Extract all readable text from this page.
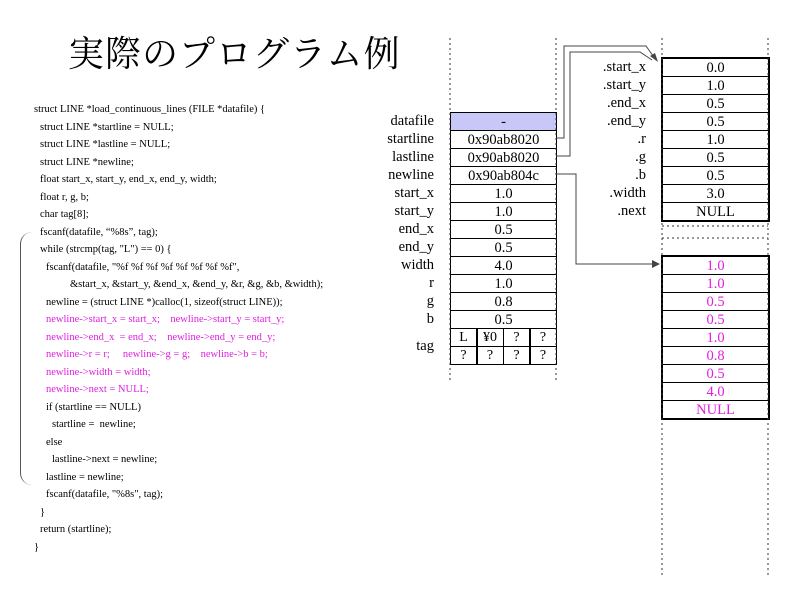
実際のプログラム例
struct LINE *load_continuous_lines (FILE *datafile) {
struct LINE *startline = NULL;
struct LINE *lastline = NULL;
struct LINE *newline;
float start_x, start_y, end_x, end_y, width;
float r, g, b;
char tag[8];
fscanf(datafile, “%8s”, tag);
while (strcmp(tag, "L") == 0) {
fscanf(datafile, "%f %f %f %f %f %f %f %f",
&start_x, &start_y, &end_x, &end_y, &r, &g, &b, &width);
newline = (struct LINE *)calloc(1, sizeof(struct LINE));
newline->start_x = start_x;    newline->start_y = start_y;
newline->end_x  = end_x;    newline->end_y = end_y;
newline->r = r;     newline->g = g;    newline->b = b;
newline->width = width;
newline->next = NULL;
if (startline == NULL)
startline =  newline;
else
lastline->next = newline;
lastline = newline;
fscanf(datafile, "%8s", tag);
}
return (startline);
}
datafile	-
startline	0x90ab8020
lastline	0x90ab8020
newline	0x90ab804c
start_x	1.0
start_y	1.0
end_x	0.5
end_y	0.5
width	4.0
r	1.0
g	0.8
b	0.5
tag
L	¥0	?	?
?	?	?	?
.start_x	0.0
.start_y	1.0
.end_x	0.5
.end_y	0.5
.r	1.0
.g	0.5
.b	0.5
.width	3.0
.next	NULL
1.0
1.0
0.5
0.5
1.0
0.8
0.5
4.0
NULL
